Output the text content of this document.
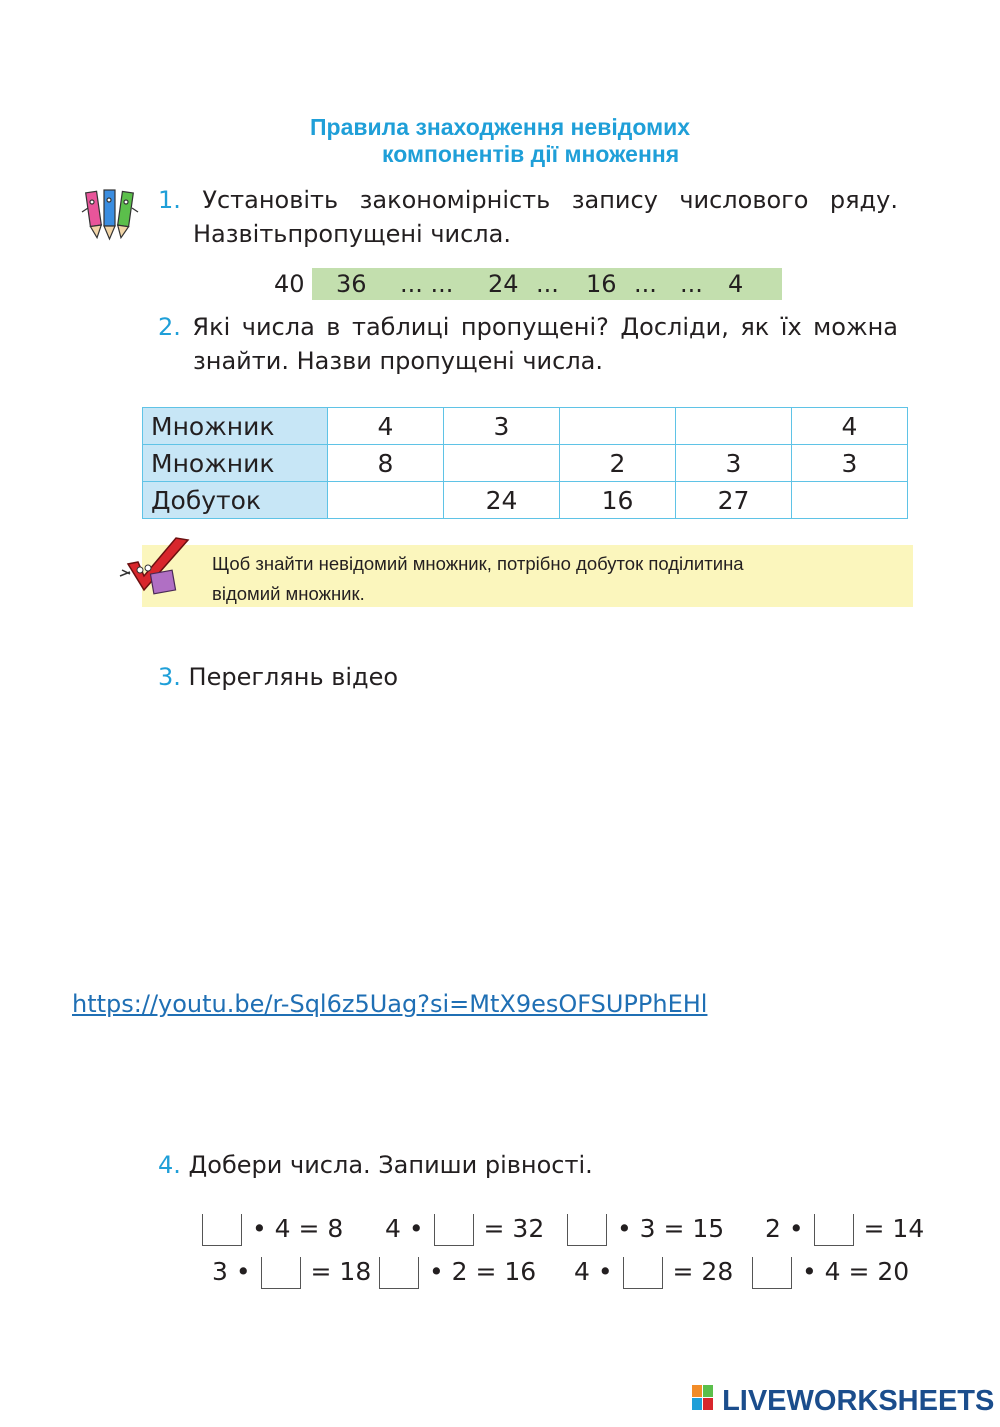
Правила знаходження невідомих
компонентів дії множення
1. Установіть закономірність запису числового ряду.
Назвітьпропущені числа.
40

36

... ...

24

...

16

...

...

4

2. Які числа в таблиці пропущені? Досліди, як їх можна
знайти. Назви пропущені числа.
Множник	4	3			4
Множник	8		2	3	3
Добуток		24	16	27	
Щоб знайти невідомий множник, потрібно добуток поділитина
відомий множник.
3. Переглянь відео
https://youtu.be/r-Sql6z5Uag?si=MtX9esOFSUPPhEHl
4. Добери числа. Запиши рівності.
• 4 = 8 4 • = 32	• 3 = 15 2 • = 14
3 • = 18	• 2 = 16 4 • = 28	• 4 = 20
LIVEWORKSHEETS
